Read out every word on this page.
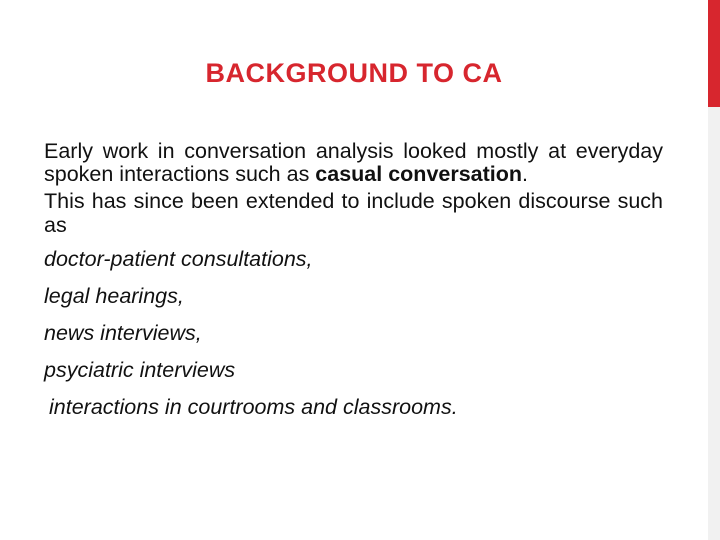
BACKGROUND TO CA

Early work in conversation analysis looked mostly at everyday spoken interactions such as casual conversation.

This has since been extended to include spoken discourse such as

doctor-patient consultations,

legal hearings,

news interviews,

psyciatric interviews

interactions in courtrooms and classrooms.
